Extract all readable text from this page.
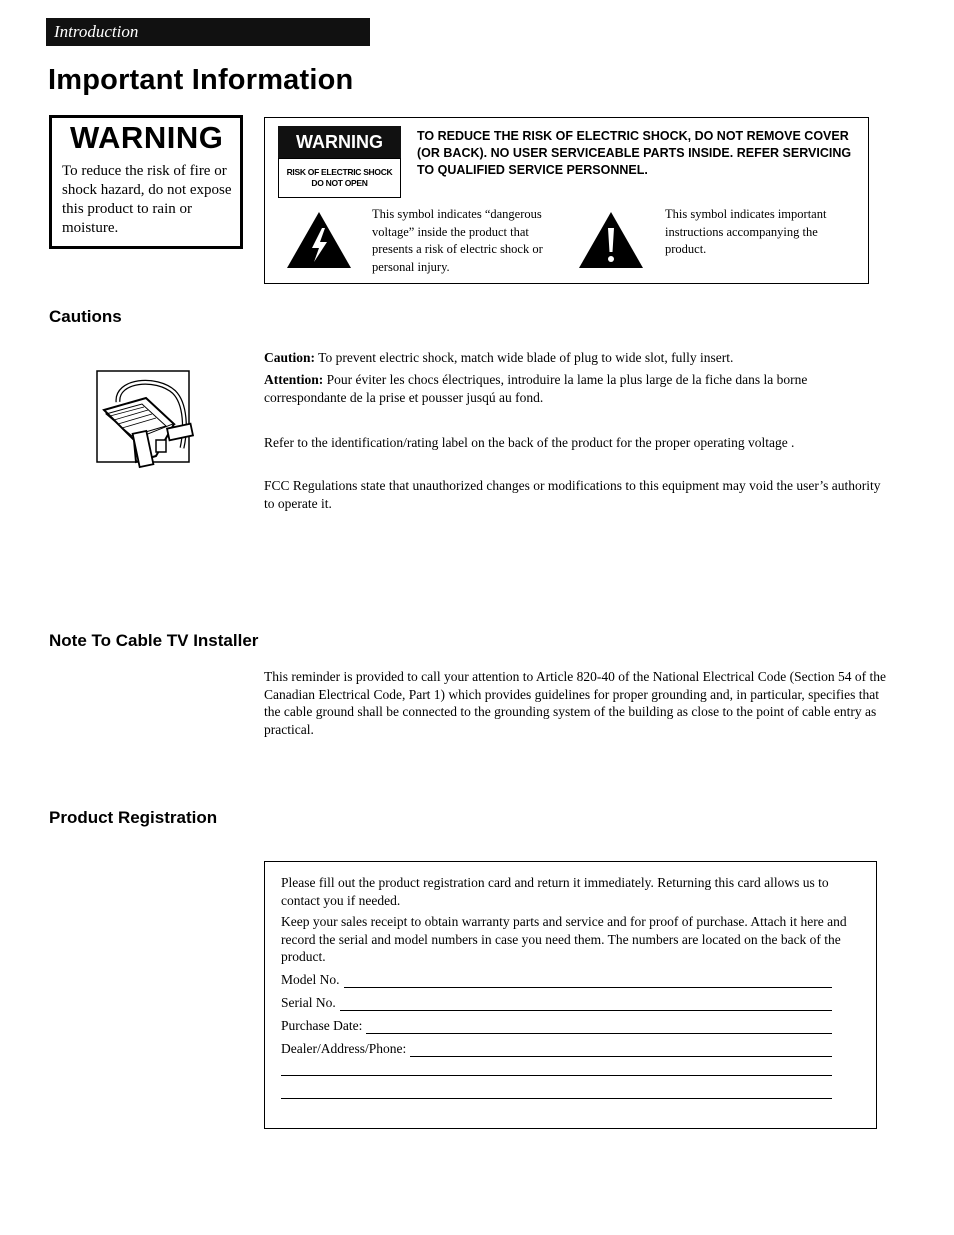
Introduction
Important Information
WARNING
To reduce the risk of fire or shock hazard, do not expose this product to rain or moisture.
WARNING
RISK OF ELECTRIC SHOCK
DO NOT OPEN
TO REDUCE THE RISK OF ELECTRIC SHOCK, DO NOT REMOVE COVER (OR BACK). NO USER SERVICEABLE PARTS INSIDE. REFER SERVICING TO QUALIFIED SERVICE PERSONNEL.
This symbol indicates “dangerous voltage” inside the product that presents a risk of electric shock or personal injury.
This symbol indicates important instructions accompanying the product.
Cautions
Caution: To prevent electric shock, match wide blade of plug to wide slot, fully insert.
Attention: Pour éviter les chocs électriques, introduire la lame la plus large de la fiche dans la borne correspondante de la prise et pousser jusqú au fond.
Refer to the identification/rating label on the back of the product for the proper operating voltage .
FCC Regulations state that unauthorized changes or modifications to this equipment may void the user’s authority to operate it.
Note To Cable TV Installer
This reminder is provided to call your attention to Article 820-40 of the National Electrical Code (Section 54 of the Canadian Electrical Code, Part 1) which provides guidelines for proper grounding and, in particular, specifies that the cable ground shall be connected to the grounding system of the building as close to the point of cable entry as practical.
Product Registration
Please fill out the product registration card and return it immediately. Returning this card allows us to contact you if needed.
Keep your sales receipt to obtain warranty parts and service and for proof of purchase. Attach it here and record the serial and model numbers in case you need them. The numbers are located on the back of the product.
Model No.
Serial No.
Purchase Date:
Dealer/Address/Phone:
